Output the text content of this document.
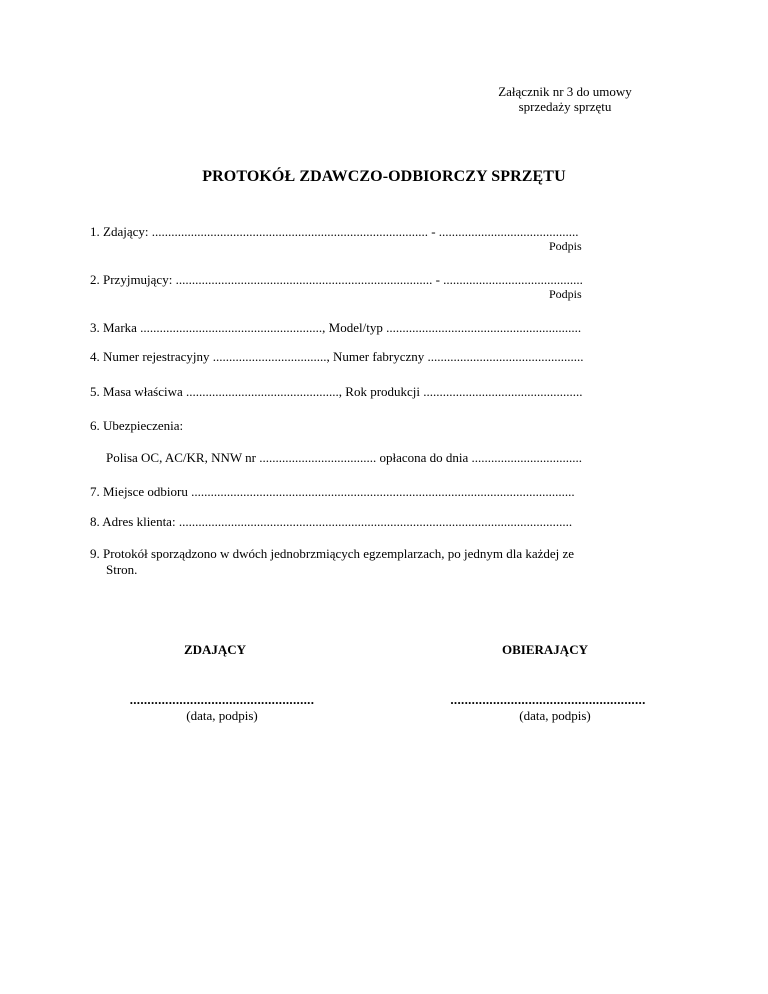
Załącznik nr 3 do umowy
sprzedaży sprzętu
PROTOKÓŁ ZDAWCZO-ODBIORCZY SPRZĘTU
1. Zdający: ..................................................................................... - ...........................................
Podpis
2. Przyjmujący: ............................................................................... - ...........................................
Podpis
3. Marka ........................................................, Model/typ ............................................................
4. Numer rejestracyjny ..................................., Numer fabryczny ................................................
5. Masa właściwa ..............................................., Rok produkcji .................................................
6. Ubezpieczenia:
Polisa OC, AC/KR, NNW nr .................................... opłacona do dnia ..................................
7. Miejsce odbioru ......................................................................................................................
8. Adres klienta: .........................................................................................................................
9. Protokół sporządzono w dwóch jednobrzmiących egzemplarzach, po jednym dla każdej ze
Stron.
ZDAJĄCY	OBIERAJĄCY
....................................................	.......................................................
(data, podpis)	(data, podpis)
